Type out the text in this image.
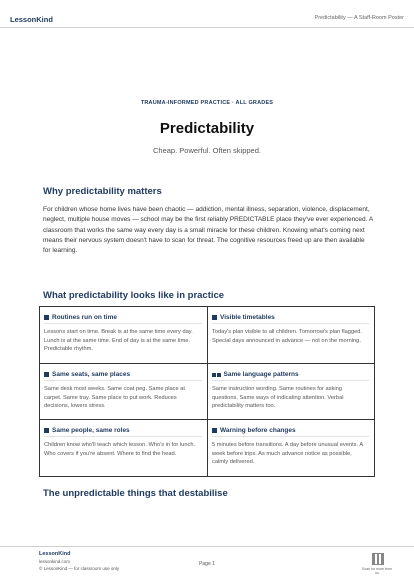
LessonKind	Predictability — A Staff-Room Poster
TRAUMA-INFORMED PRACTICE · ALL GRADES
Predictability
Cheap. Powerful. Often skipped.
Why predictability matters
For children whose home lives have been chaotic — addiction, mental illness, separation, violence, displacement, neglect, multiple house moves — school may be the first reliably PREDICTABLE place they've ever experienced. A classroom that works the same way every day is a small miracle for these children. Knowing what's coming next means their nervous system doesn't have to scan for threat. The cognitive resources freed up are then available for learning.
What predictability looks like in practice
Routines run on time
Lessons start on time. Break is at the same time every day. Lunch is at the same time. End of day is at the same time. Predictable rhythm.
Visible timetables
Today's plan visible to all children. Tomorrow's plan flagged. Special days announced in advance — not on the morning.
Same seats, same places
Same desk most weeks. Same coat peg. Same place at carpet. Same tray. Same place to put work. Reduces decisions, lowers stress.
Same language patterns
Same instruction wording. Same routines for asking questions. Same ways of indicating attention. Verbal predictability matters too.
Same people, same roles
Children know who'll teach which lesson. Who's in for lunch. Who covers if you're absent. Where to find the head.
Warning before changes
5 minutes before transitions. A day before unusual events. A week before trips. As much advance notice as possible, calmly delivered.
The unpredictable things that destabilise
LessonKind
lessonkind.com
© LessonKind — for classroom use only
Page 1
Scan for more from us
